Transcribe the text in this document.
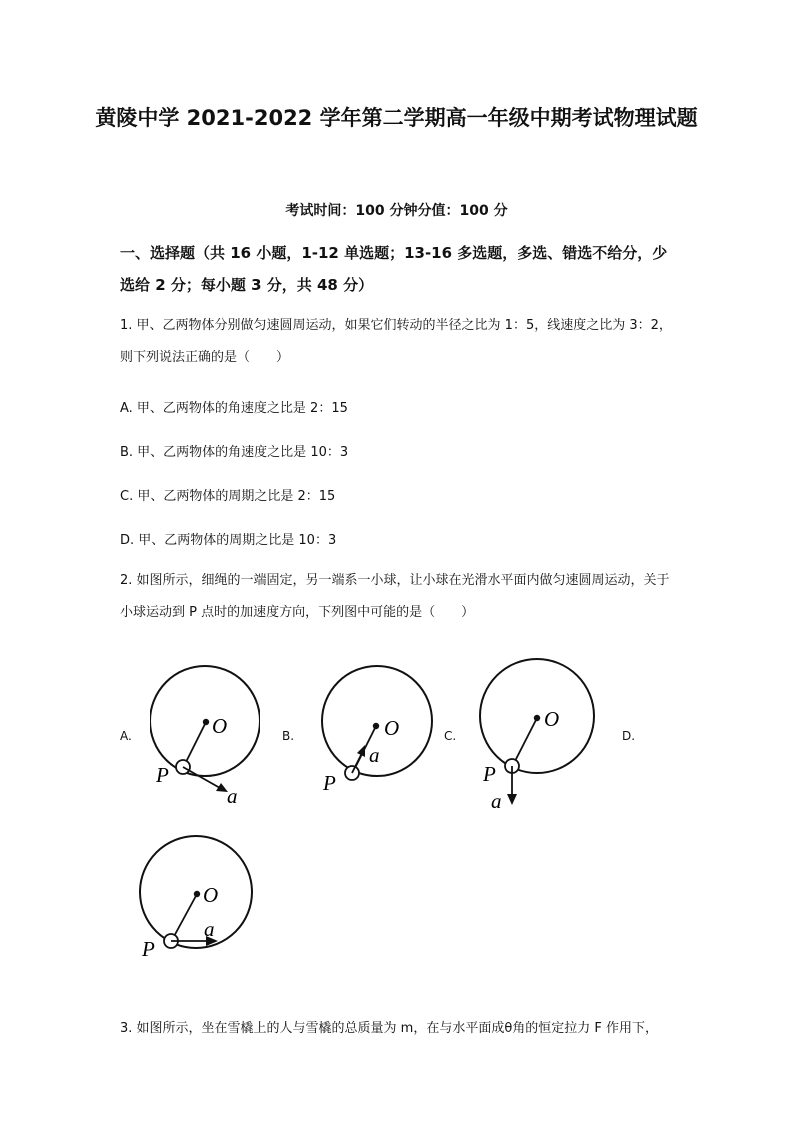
黄陵中学 2021-2022 学年第二学期高一年级中期考试物理试题
考试时间：100 分钟分值：100 分
一、选择题（共 16 小题，1-12 单选题；13-16 多选题，多选、错选不给分，少选给 2 分；每小题 3 分，共 48 分）
1. 甲、乙两物体分别做匀速圆周运动，如果它们转动的半径之比为 1：5，线速度之比为 3：2，则下列说法正确的是（　　）
A. 甲、乙两物体的角速度之比是 2：15
B. 甲、乙两物体的角速度之比是 10：3
C. 甲、乙两物体的周期之比是 2：15
D. 甲、乙两物体的周期之比是 10：3
2. 如图所示，细绳的一端固定，另一端系一小球，让小球在光滑水平面内做匀速圆周运动，关于小球运动到 P 点时的加速度方向，下列图中可能的是（　　）
A.	B.	C.	D.
O
P
a
O
P
a
O
P
a
O
P
a
3. 如图所示，坐在雪橇上的人与雪橇的总质量为 m，在与水平面成θ角的恒定拉力 F 作用下，
